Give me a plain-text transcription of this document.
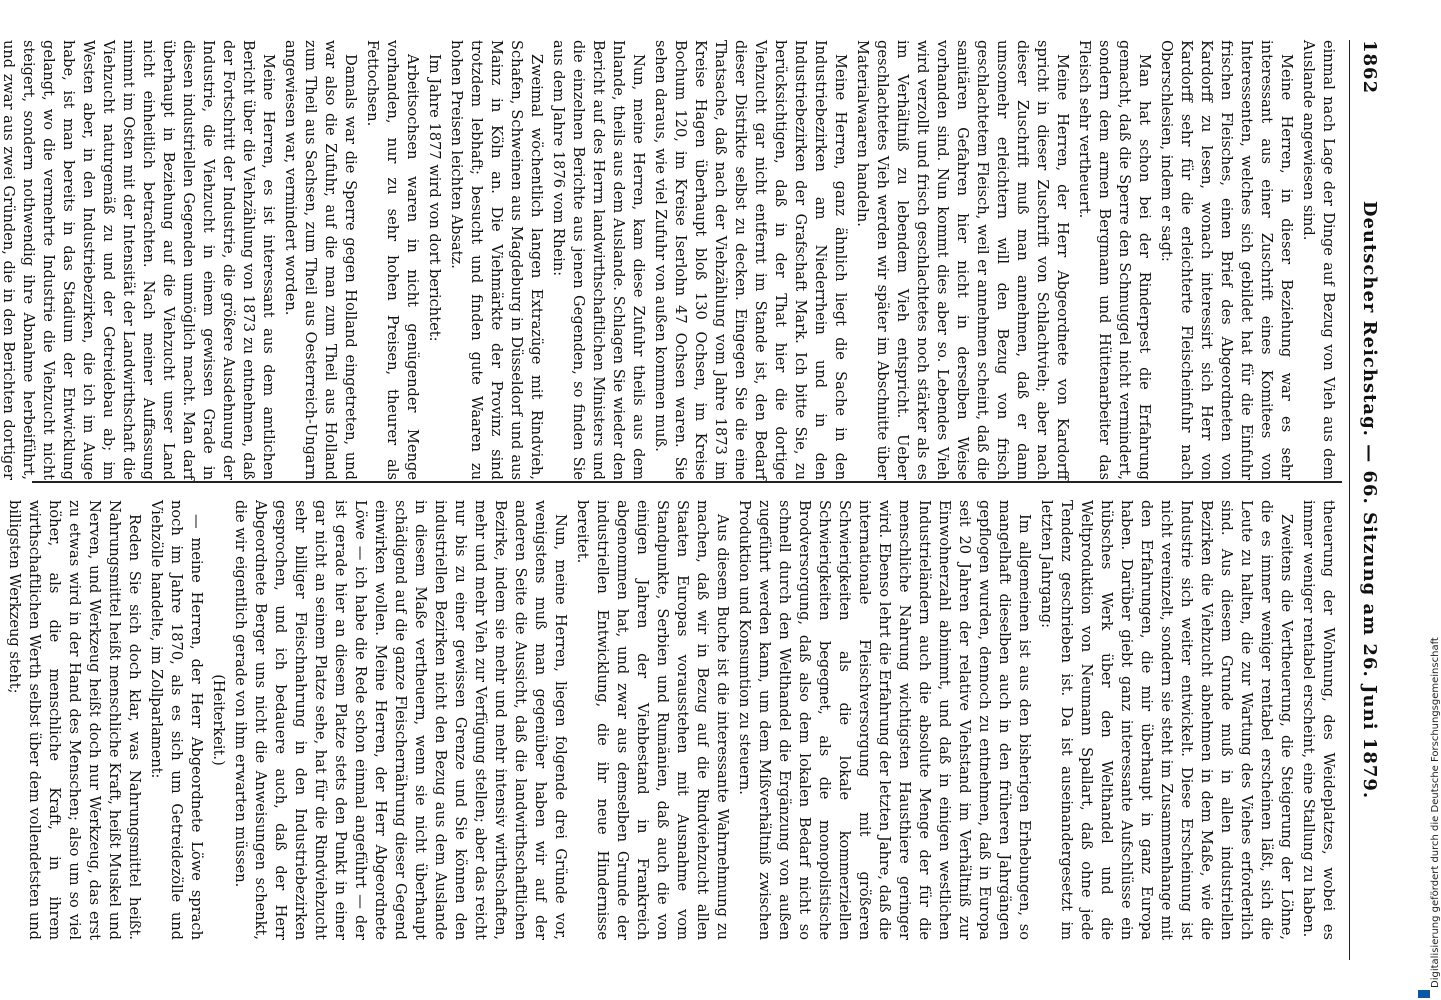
1862
Deutscher Reichstag. — 66. Sitzung am 26. Juni 1879.

einmal nach Lage der Dinge auf Bezug von Vieh aus dem Auslande angewiesen sind.

Meine Herren, in dieser Beziehung war es sehr interessant aus einer Zuschrift eines Komitees von Interessenten, welches sich gebildet hat für die Einfuhr frischen Fleisches, einen Brief des Abgeordneten von Kardorff zu lesen, wonach interessirt sich Herr von Kardorff sehr für die erleichterte Fleischeinfuhr nach Oberschlesien, indem er sagt:

Man hat schon bei der Rinderpest die Erfahrung gemacht, daß die Sperre den Schmuggel nicht vermindert, sondern dem armen Bergmann und Hüttenarbeiter das Fleisch sehr vertheuert.

Meine Herren, der Herr Abgeordnete von Kardorff spricht in dieser Zuschrift von Schlachtvieh; aber nach dieser Zuschrift muß man annehmen, daß er dann umsomehr erleichtern will den Bezug von frisch geschlachtetem Fleisch, weil er annehmen scheint, daß die sanitären Gefahren hier nicht in derselben Weise vorhanden sind. Nun kommt dies aber so. Lebendes Vieh wird verzollt und frisch geschlachtetes noch stärker als es im Verhältniß zu lebendem Vieh entspricht. Ueber geschlachtetes Vieh werden wir später im Abschnitte über Materialwaaren handeln.

Meine Herren, ganz ähnlich liegt die Sache in den Industriebezirken am Niederrhein und in den Industriebezirken der Grafschaft Mark. Ich bitte Sie, zu berücksichtigen, daß in der That hier die dortige Viehzucht gar nicht entfernt im Stande ist, den Bedarf dieser Distrikte selbst zu decken. Eingegen Sie die eine Thatsache, daß nach der Viehzählung vom Jahre 1873 im Kreise Hagen überhaupt bloß 130 Ochsen, im Kreise Bochum 120, im Kreise Iserlohn 47 Ochsen waren. Sie sehen daraus, wie viel Zufuhr von außen kommen muß.

Nun, meine Herren, kam diese Zufuhr theils aus dem Inlande, theils aus dem Auslande. Schlagen Sie wieder den Bericht auf des Herrn landwirthschaftlichen Ministers und die einzelnen Berichte aus jenen Gegenden, so finden Sie aus dem Jahre 1876 vom Rhein:

Zweimal wöchentlich langen Extrazüge mit Rindvieh, Schafen, Schweinen aus Magdeburg in Düsseldorf und aus Mainz in Köln an. Die Viehmärkte der Provinz sind trotzdem lebhaft; besucht und finden gute Waaren zu hohen Preisen leichten Absatz.

Im Jahre 1877 wird von dort berichtet:

Arbeitsochsen waren in nicht genügender Menge vorhanden, nur zu sehr hohen Preisen, theurer als Fettochsen.

Damals war die Sperre gegen Holland eingetreten, und war also die Zufuhr, auf die man zum Theil aus Holland zum Theil aus Sachsen, zum Theil aus Oesterreich-Ungarn angewiesen war, vermindert worden.

Meine Herren, es ist interessant aus dem amtlichen Bericht über die Viehzählung von 1873 zu entnehmen, daß der Fortschritt der Industrie, die größere Ausdehnung der Industrie, die Viehzucht in einem gewissen Grade in diesen industriellen Gegenden unmöglich macht. Man darf überhaupt in Beziehung auf die Viehzucht unser Land nicht einheitlich betrachten. Nach meiner Auffassung nimmt im Osten mit der Intensität der Landwirthschaft die Viehzucht naturgemäß zu und der Getreidebau ab; im Westen aber, in den Industriebezirken, die ich im Auge habe, ist man bereits in das Stadium der Entwicklung gelangt, wo die vermehrte Industrie die Viehzucht nicht steigert, sondern nothwendig ihre Abnahme herbeiführt, und zwar aus zwei Gründen, die in den Berichten dortiger

theuerung der Wohnung, des Weideplatzes, wobei es immer weniger rentabel erscheint, eine Stallung zu haben.

Zweitens die Vertheuerung, die Steigerung der Löhne, die es immer weniger rentabel erscheinen läßt, sich die Leute zu halten, die zur Wartung des Viehes erforderlich sind. Aus diesem Grunde muß in allen industriellen Bezirken die Viehzucht abnehmen in dem Maße, wie die Industrie sich weiter entwickelt. Diese Erscheinung ist nicht vereinzelt, sondern sie steht im Zusammenhange mit den Erfahrungen, die mir überhaupt in ganz Europa haben. Darüber giebt ganz interessante Aufschlüsse ein hübsches Werk über den Welthandel und die Weltproduktion von Neumann Spallart, daß ohne jede Tendenz geschrieben ist. Da ist auseinandergesetzt im letzten Jahrgang:

Im allgemeinen ist aus den bisherigen Erhebungen, so mangelhaft dieselben auch in den früheren Jahrgängen gepflogen wurden, dennoch zu entnehmen, daß in Europa seit 20 Jahren der relative Viehstand im Verhältniß zur Einwohnerzahl abnimmt, und daß in einigen westlichen Industrieländern auch die absolute Menge der für die menschliche Nahrung wichtigsten Hausthiere geringer wird. Ebenso lehrt die Erfahrung der letzten Jahre, daß die internationale Fleischversorgung mit größeren Schwierigkeiten als die lokale kommerziellen Schwierigkeiten begegnet, als die monopolistische Brodversorgung, daß also dem lokalen Bedarf nicht so schnell durch den Welthandel die Ergänzung von außen zugeführt werden kann, um dem Mißverhältniß zwischen Produktion und Konsumtion zu steuern.

Aus diesem Buche ist die interessante Wahrnehmung zu machen, daß wir in Bezug auf die Rindviehzucht allen Staaten Europas vorausstehen mit Ausnahme vom Standpunkte, Serbien und Rumänien, daß auch die von einigen Jahren der Viehbestand in Frankreich abgenommen hat, und zwar aus demselben Grunde der industriellen Entwicklung, die ihr neue Hindernisse bereitet.

Nun, meine Herren, liegen folgende drei Gründe vor, wenigstens muß man gegenüber haben wir auf der anderen Seite die Aussicht, daß die landwirthschaftlichen Bezirke, indem sie mehr und mehr intensiv wirthschaften, mehr und mehr Vieh zur Verfügung stellen; aber das reicht nur bis zu einer gewissen Grenze und Sie können den industriellen Bezirken nicht den Bezug aus dem Auslande in diesem Maße vertheuern, wenn sie nicht überhaupt schädigend auf die ganze Fleischernährung dieser Gegend einwirken wollen. Meine Herren, der Herr Abgeordnete Löwe — ich habe die Rede schon einmal angeführt — der ist gerade hier an diesem Platze stets den Punkt in einer gar nicht an seinem Platze sehe, hat für die Rindviehzucht sehr billiger Fleischnahrung in den Industriebezirken gesprochen, und ich bedauere auch, daß der Herr Abgeordnete Berger uns nicht die Anweisungen schenkt, die wir eigentlich gerade von ihm erwarten müssen.

(Heiterkeit.)

— meine Herren, der Herr Abgeordnete Löwe sprach noch im Jahre 1870, als es sich um Getreidezölle und Viehzölle handelte, im Zollparlament:

Reden Sie sich doch klar, was Nahrungsmittel heißt. Nahrungsmittel heißt menschliche Kraft, heißt Muskel und Nerven, und Werkzeug heißt doch nur Werkzeug, das erst zu etwas wird in der Hand des Menschen; also um so viel höher, als die menschliche Kraft, in ihrem wirthschaftlichen Werth selbst über dem vollendetsten und billigsten Werkzeug steht;

Digitalisierung gefördert durch die Deutsche Forschungsgemeinschaft
